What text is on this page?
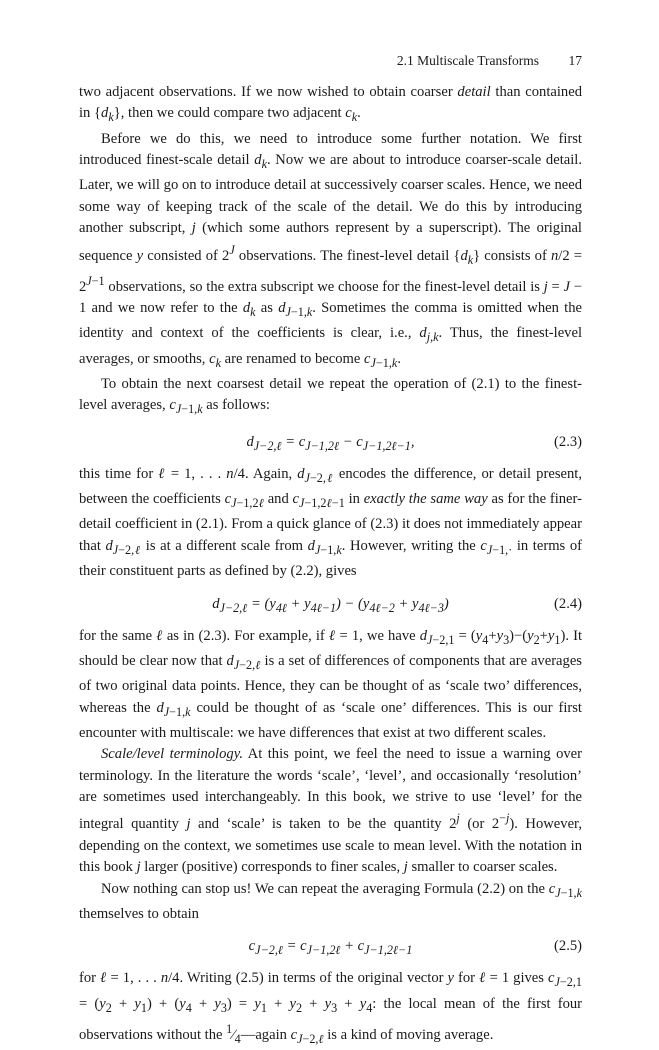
2.1 Multiscale Transforms 17

two adjacent observations. If we now wished to obtain coarser detail than contained in $\{d_k\}$, then we could compare two adjacent $c_k$.

Before we do this, we need to introduce some further notation. We first introduced finest-scale detail $d_k$. Now we are about to introduce coarser-scale detail. Later, we will go on to introduce detail at successively coarser scales. Hence, we need some way of keeping track of the scale of the detail. We do this by introducing another subscript, j (which some authors represent by a superscript). The original sequence y consisted of $2^J$ observations. The finest-level detail $\{d_k\}$ consists of $n/2 = 2^{J-1}$ observations, so the extra subscript we choose for the finest-level detail is j = J − 1 and we now refer to the $d_k$ as $d_{J-1,k}$. Sometimes the comma is omitted when the identity and context of the coefficients is clear, i.e., $d_{j,k}$. Thus, the finest-level averages, or smooths, $c_k$ are renamed to become $c_{J-1,k}$.

To obtain the next coarsest detail we repeat the operation of (2.1) to the finest-level averages, $c_{J-1,k}$ as follows:

$d_{J-2,\ell} = c_{J-1,2\ell} - c_{J-1,2\ell-1}$,	(2.3)

this time for ℓ = 1, . . . n/4. Again, $d_{J-2,\ell}$ encodes the difference, or detail present, between the coefficients $c_{J-1,2\ell}$ and $c_{J-1,2\ell-1}$ in exactly the same way as for the finer-detail coefficient in (2.1). From a quick glance of (2.3) it does not immediately appear that $d_{J-2,\ell}$ is at a different scale from $d_{J-1,k}$. However, writing the $c_{J-1,\cdot}$ in terms of their constituent parts as defined by (2.2), gives

$d_{J-2,\ell} = (y_{4\ell} + y_{4\ell-1}) - (y_{4\ell-2} + y_{4\ell-3})$	(2.4)

for the same ℓ as in (2.3). For example, if ℓ = 1, we have $d_{J-2,1} = (y_4+y_3)-(y_2+y_1)$. It should be clear now that $d_{J-2,\ell}$ is a set of differences of components that are averages of two original data points. Hence, they can be thought of as ‘scale two’ differences, whereas the $d_{J-1,k}$ could be thought of as ‘scale one’ differences. This is our first encounter with multiscale: we have differences that exist at two different scales.

Scale/level terminology. At this point, we feel the need to issue a warning over terminology. In the literature the words ‘scale’, ‘level’, and occasionally ‘resolution’ are sometimes used interchangeably. In this book, we strive to use ‘level’ for the integral quantity j and ‘scale’ is taken to be the quantity 2$^j$ (or $2^{-j}$). However, depending on the context, we sometimes use scale to mean level. With the notation in this book j larger (positive) corresponds to finer scales, j smaller to coarser scales.

Now nothing can stop us! We can repeat the averaging Formula (2.2) on the $c_{J-1,k}$ themselves to obtain

$c_{J-2,\ell} = c_{J-1,2\ell} + c_{J-1,2\ell-1}$	(2.5)

for ℓ = 1, . . . n/4. Writing (2.5) in terms of the original vector y for ℓ = 1 gives $c_{J-2,1} = (y_2 + y_1) + (y_4 + y_3) = y_1 + y_2 + y_3 + y_4$: the local mean of the first four observations without the $^1⁄_4—again$ $c_{J-2,\ell}$ is a kind of moving average.
